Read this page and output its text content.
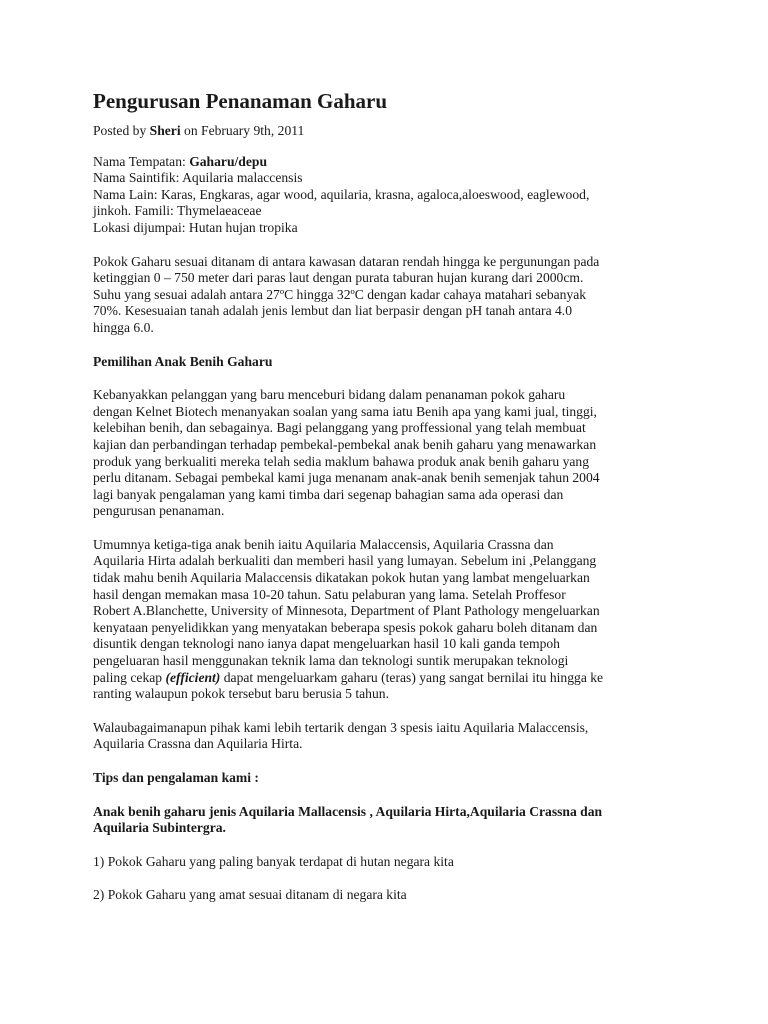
Pengurusan Penanaman Gaharu
Posted by Sheri on February 9th, 2011
Nama Tempatan: Gaharu/depu
Nama Saintifik: Aquilaria malaccensis
Nama Lain: Karas, Engkaras, agar wood, aquilaria, krasna, agaloca,aloeswood, eaglewood,
jinkoh. Famili: Thymelaeaceae
Lokasi dijumpai: Hutan hujan tropika
Pokok Gaharu sesuai ditanam di antara kawasan dataran rendah hingga ke pergunungan pada
ketinggian 0 – 750 meter dari paras laut dengan purata taburan hujan kurang dari 2000cm.
Suhu yang sesuai adalah antara 27ºC hingga 32ºC dengan kadar cahaya matahari sebanyak
70%. Kesesuaian tanah adalah jenis lembut dan liat berpasir dengan pH tanah antara 4.0
hingga 6.0.
Pemilihan Anak Benih Gaharu
Kebanyakkan pelanggan yang baru menceburi bidang dalam penanaman pokok gaharu
dengan Kelnet Biotech menanyakan soalan yang sama iatu Benih apa yang kami jual, tinggi,
kelebihan benih, dan sebagainya. Bagi pelanggang yang proffessional yang telah membuat
kajian dan perbandingan terhadap pembekal-pembekal anak benih gaharu yang menawarkan
produk yang berkualiti mereka telah sedia maklum bahawa produk anak benih gaharu yang
perlu ditanam. Sebagai pembekal kami juga menanam anak-anak benih semenjak tahun 2004
lagi banyak pengalaman yang kami timba dari segenap bahagian sama ada operasi dan
pengurusan penanaman.
Umumnya ketiga-tiga anak benih iaitu Aquilaria Malaccensis, Aquilaria Crassna dan
Aquilaria Hirta adalah berkualiti dan memberi hasil yang lumayan. Sebelum ini ,Pelanggang
tidak mahu benih Aquilaria Malaccensis dikatakan pokok hutan yang lambat mengeluarkan
hasil dengan memakan masa 10-20 tahun. Satu pelaburan yang lama. Setelah Proffesor
Robert A.Blanchette, University of Minnesota, Department of Plant Pathology mengeluarkan
kenyataan penyelidikkan yang menyatakan beberapa spesis pokok gaharu boleh ditanam dan
disuntik dengan teknologi nano ianya dapat mengeluarkan hasil 10 kali ganda tempoh
pengeluaran hasil menggunakan teknik lama dan teknologi suntik merupakan teknologi
paling cekap (efficient) dapat mengeluarkam gaharu (teras) yang sangat bernilai itu hingga ke
ranting walaupun pokok tersebut baru berusia 5 tahun.
Walaubagaimanapun pihak kami lebih tertarik dengan 3 spesis iaitu Aquilaria Malaccensis,
Aquilaria Crassna dan Aquilaria Hirta.
Tips dan pengalaman kami :
Anak benih gaharu jenis Aquilaria Mallacensis , Aquilaria Hirta,Aquilaria Crassna dan
Aquilaria Subintergra.
1) Pokok Gaharu yang paling banyak terdapat di hutan negara kita
2) Pokok Gaharu yang amat sesuai ditanam di negara kita
